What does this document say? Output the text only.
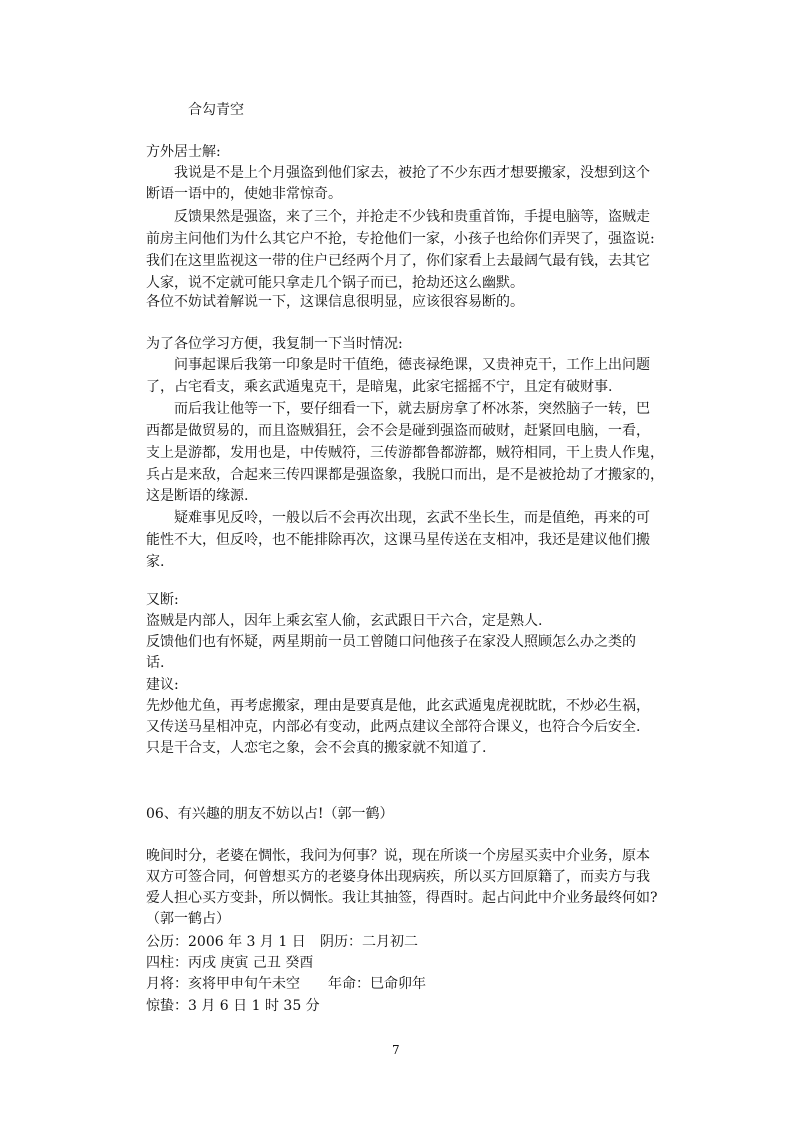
合勾青空
方外居士解:
我说是不是上个月强盗到他们家去，被抢了不少东西才想要搬家，没想到这个
断语一语中的，使她非常惊奇。
反馈果然是强盗，来了三个，并抢走不少钱和贵重首饰，手提电脑等，盗贼走
前房主问他们为什么其它户不抢，专抢他们一家，小孩子也给你们弄哭了，强盗说:
我们在这里监视这一带的住户已经两个月了，你们家看上去最阔气最有钱，去其它
人家，说不定就可能只拿走几个锅子而已，抢劫还这么幽默。
各位不妨试着解说一下，这课信息很明显，应该很容易断的。
为了各位学习方便，我复制一下当时情况:
问事起课后我第一印象是时干值绝，德丧禄绝课，又贵神克干，工作上出问题
了，占宅看支，乘玄武遁鬼克干，是暗鬼，此家宅摇摇不宁，且定有破财事.
而后我让他等一下，要仔细看一下，就去厨房拿了杯冰茶，突然脑子一转，巴
西都是做贸易的，而且盗贼猖狂，会不会是碰到强盗而破财，赶紧回电脑，一看，
支上是游都，发用也是，中传贼符，三传游都鲁都游都，贼符相同，干上贵人作鬼，
兵占是来敌，合起来三传四课都是强盗象，我脱口而出，是不是被抢劫了才搬家的，
这是断语的缘源.
疑难事见反呤，一般以后不会再次出现，玄武不坐长生，而是值绝，再来的可
能性不大，但反呤，也不能排除再次，这课马星传送在支相冲，我还是建议他们搬
家.
又断:
盗贼是内部人，因年上乘玄室人偷，玄武跟日干六合，定是熟人.
反馈他们也有怀疑，两星期前一员工曾随口问他孩子在家没人照顾怎么办之类的
话.
建议:
先炒他尤鱼，再考虑搬家，理由是要真是他，此玄武遁鬼虎视眈眈，不炒必生祸，
又传送马星相冲克，内部必有变动，此两点建议全部符合课义，也符合今后安全.
只是干合支，人恋宅之象，会不会真的搬家就不知道了.
06、有兴趣的朋友不妨以占!（郭一鹤）
晚间时分，老婆在惆怅，我问为何事？说，现在所谈一个房屋买卖中介业务，原本
双方可签合同，何曾想买方的老婆身体出现病疾，所以买方回原籍了，而卖方与我
爱人担心买方变卦，所以惆怅。我让其抽签，得酉时。起占问此中介业务最终何如?
（郭一鹤占）
公历：2006 年 3 月 1 日 阴历：二月初二
四柱：丙戌 庚寅 己丑 癸酉
月将：亥将甲申旬午未空 年命：巳命卯年
惊蛰：3 月 6 日 1 时 35 分
7
